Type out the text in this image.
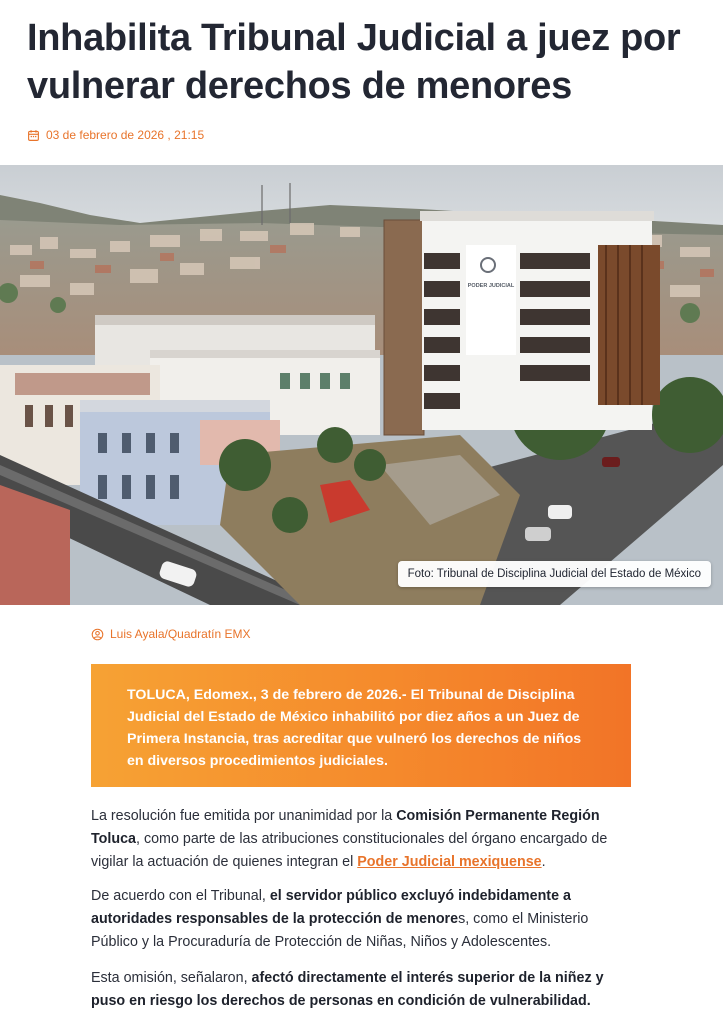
Inhabilita Tribunal Judicial a juez por vulnerar derechos de menores
03 de febrero de 2026 , 21:15
PODER JUDICIAL
Foto: Tribunal de Disciplina Judicial del Estado de México
Luis Ayala/Quadratín EMX
TOLUCA, Edomex., 3 de febrero de 2026.- El Tribunal de Disciplina Judicial del Estado de México inhabilitó por diez años a un Juez de Primera Instancia, tras acreditar que vulneró los derechos de niños en diversos procedimientos judiciales.

La resolución fue emitida por unanimidad por la Comisión Permanente Región Toluca, como parte de las atribuciones constitucionales del órgano encargado de vigilar la actuación de quienes integran el Poder Judicial mexiquense.

De acuerdo con el Tribunal, el servidor público excluyó indebidamente a autoridades responsables de la protección de menores, como el Ministerio Público y la Procuraduría de Protección de Niñas, Niños y Adolescentes.

Esta omisión, señalaron, afectó directamente el interés superior de la niñez y puso en riesgo los derechos de personas en condición de vulnerabilidad.
